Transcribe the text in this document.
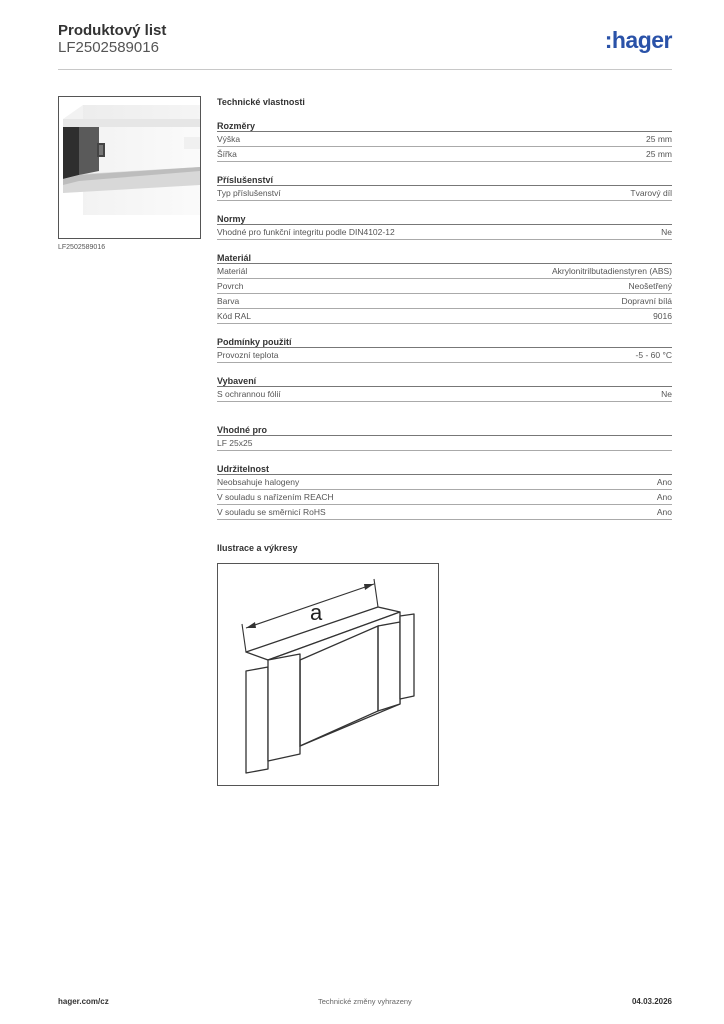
Produktový list
LF2502589016	:hager
LF2502589016
Technické vlastnosti
Rozměry
Výška	25 mm
Šířka	25 mm
Příslušenství
Typ příslušenství	Tvarový díl
Normy
Vhodné pro funkční integritu podle DIN4102-12	Ne
Materiál
Materiál	Akrylonitrilbutadienstyren (ABS)
Povrch	Neošetřený
Barva	Dopravní bílá
Kód RAL	9016
Podmínky použití
Provozní teplota	-5 - 60 °C
Vybavení
S ochrannou fólií	Ne
Vhodné pro
LF 25x25
Udržitelnost
Neobsahuje halogeny	Ano
V souladu s nařízením REACH	Ano
V souladu se směrnicí RoHS	Ano
Ilustrace a výkresy
a
hager.com/cz	Technické změny vyhrazeny	04.03.2026
